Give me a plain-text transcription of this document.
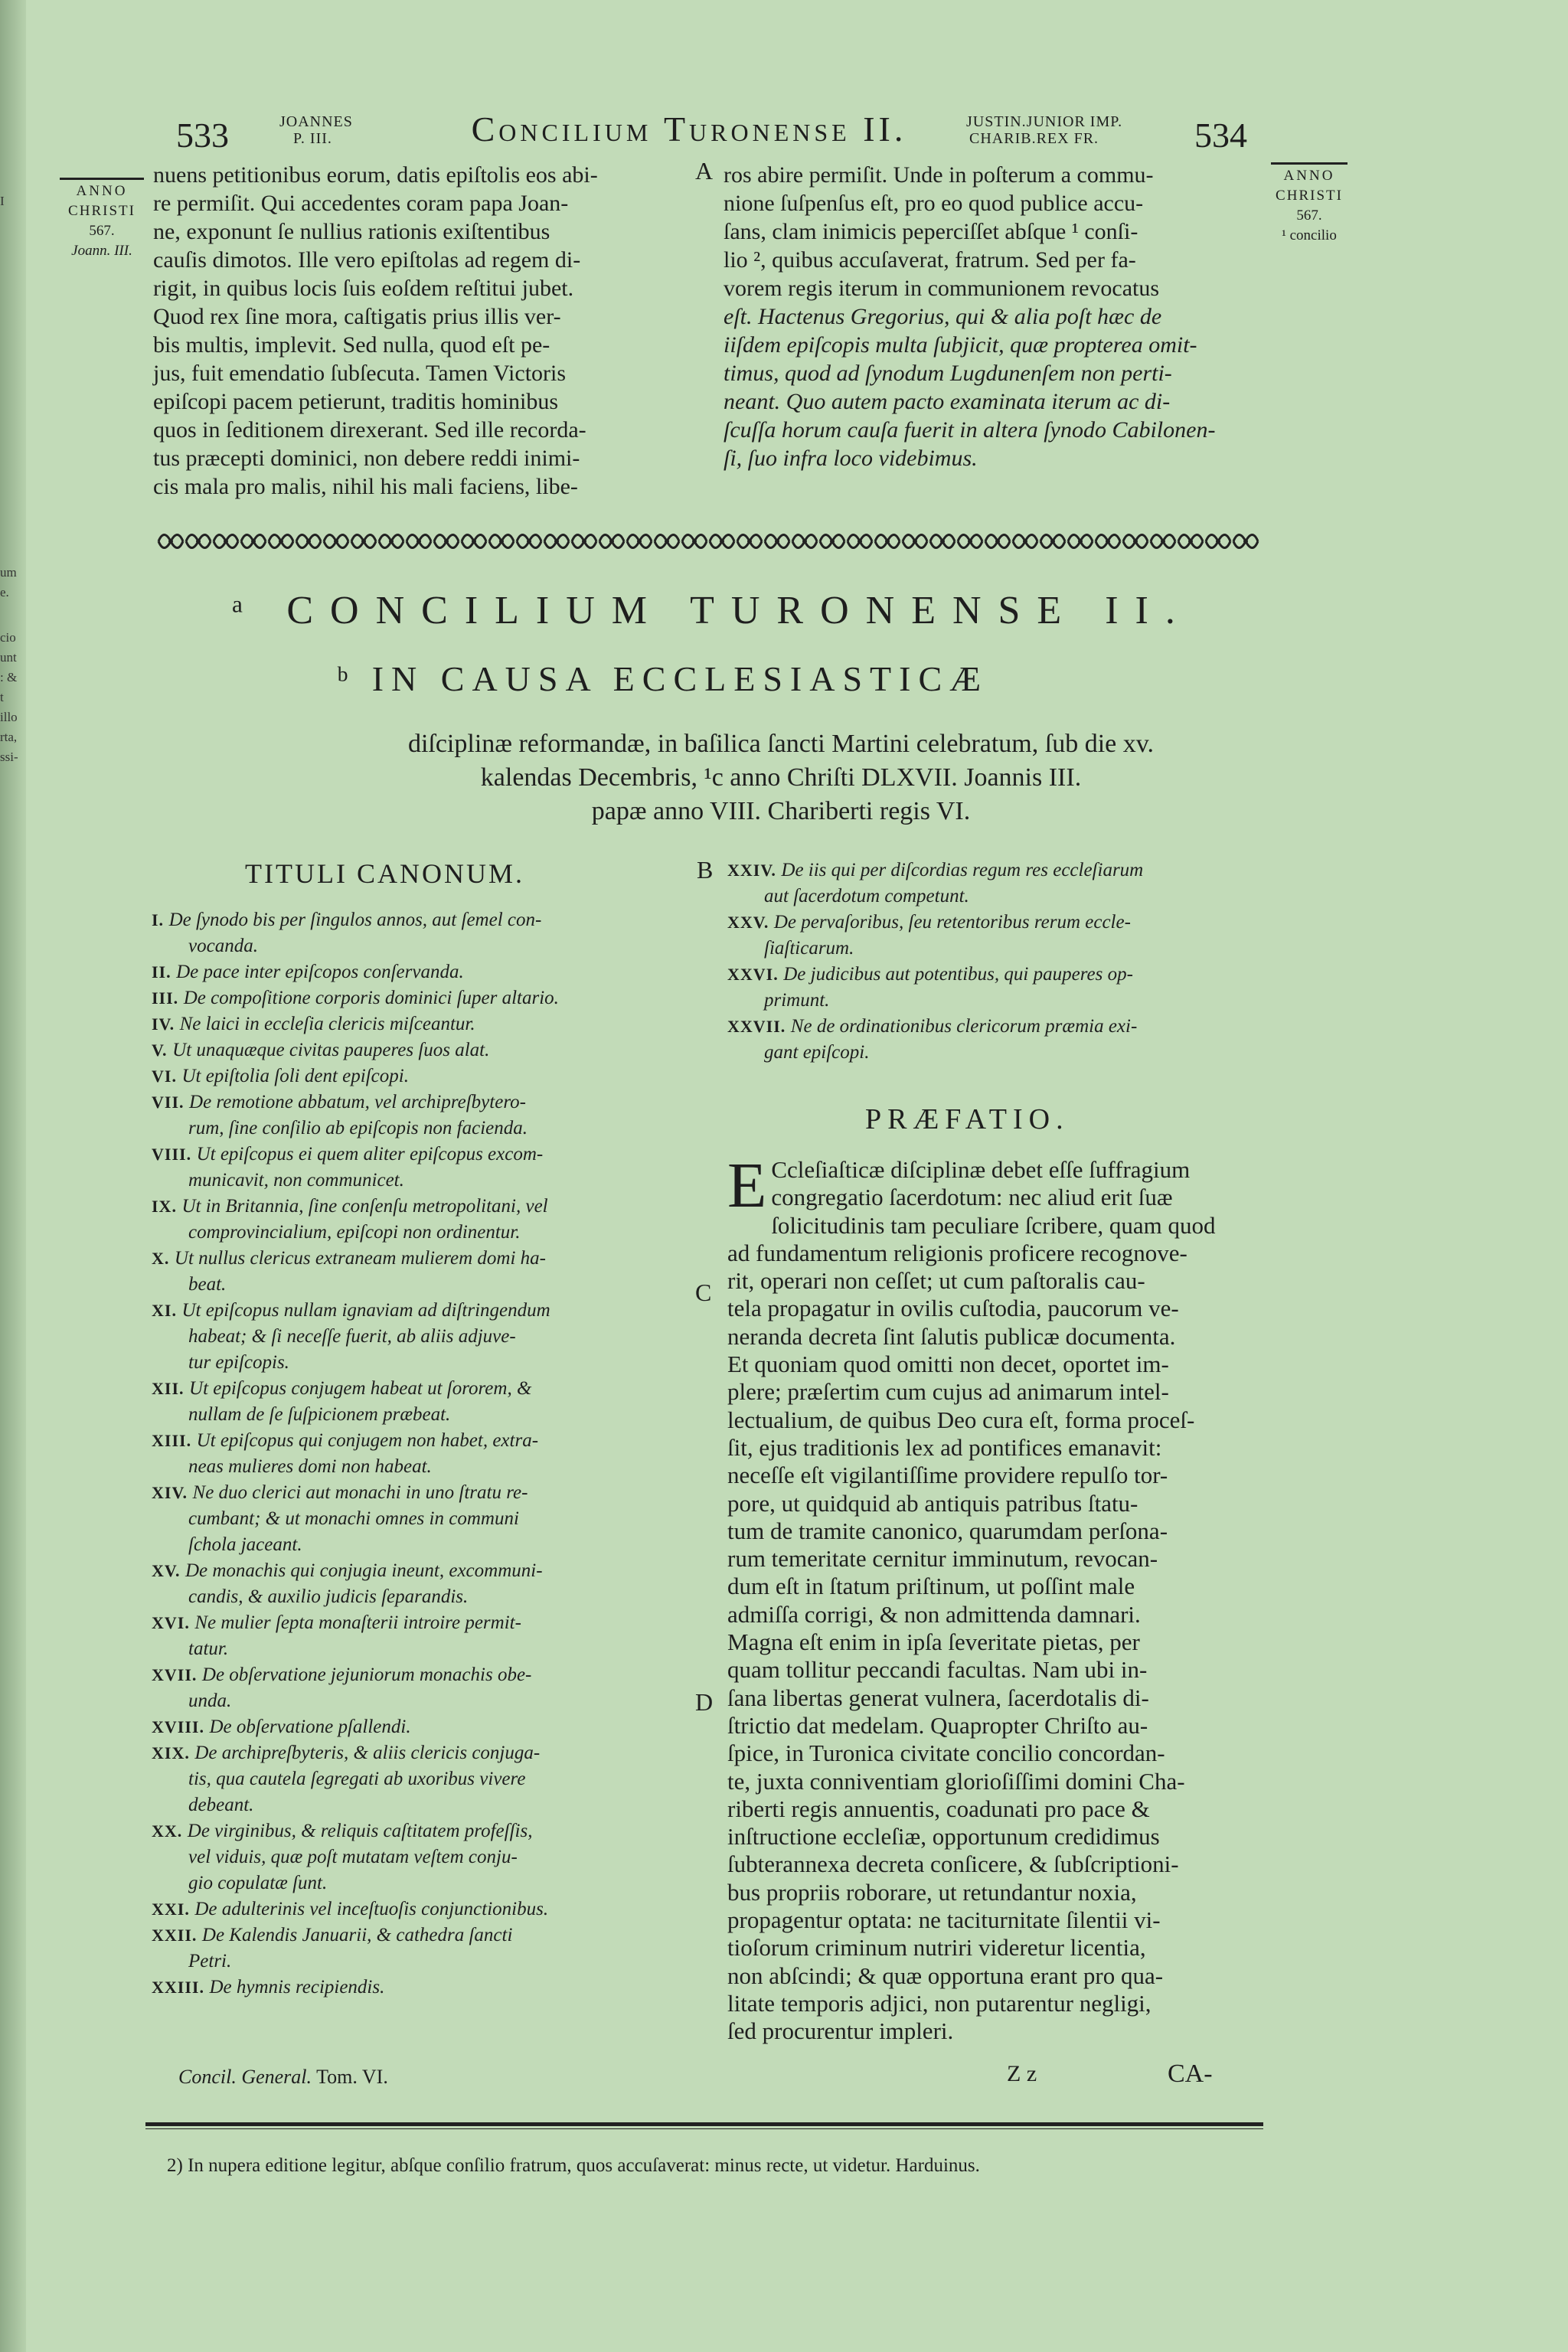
I
um
e.
cio
unt
: &
t
illo
rta,
ssi-
533	JOANNES
P. III.	Concilium Turonense II.	JUSTIN.JUNIOR IMP.
CHARIB.REX FR.	534
ANNO
CHRISTI
567.
Joann. III.
ANNO
CHRISTI
567.
¹ concilio
nuens petitionibus eorum, datis epiſtolis eos abi-
re permiſit. Qui accedentes coram papa Joan-
ne, exponunt ſe nullius rationis exiſtentibus
cauſis dimotos. Ille vero epiſtolas ad regem di-
rigit, in quibus locis ſuis eoſdem reſtitui jubet.
Quod rex ſine mora, caſtigatis prius illis ver-
bis multis, implevit. Sed nulla, quod eſt pe-
jus, fuit emendatio ſubſecuta. Tamen Victoris
epiſcopi pacem petierunt, traditis hominibus
quos in ſeditionem direxerant. Sed ille recorda-
tus præcepti dominici, non debere reddi inimi-
cis mala pro malis, nihil his mali faciens, libe-
A ros abire permiſit. Unde in poſterum a commu-
nione ſuſpenſus eſt, pro eo quod publice accu-
ſans, clam inimicis peperciſſet abſque ¹ conſi-
lio ², quibus accuſaverat, fratrum. Sed per fa-
vorem regis iterum in communionem revocatus
eſt. Hactenus Gregorius, qui & alia poſt hæc de
iiſdem epiſcopis multa ſubjicit, quæ propterea omit-
timus, quod ad ſynodum Lugdunenſem non perti-
neant. Quo autem pacto examinata iterum ac di-
ſcuſſa horum cauſa fuerit in altera ſynodo Cabilonen-
ſi, ſuo infra loco videbimus.
ᵃ CONCILIUM TURONENSE II.
ᵇ IN CAUSA ECCLESIASTICÆ
diſciplinæ reformandæ, in baſilica ſancti Martini celebratum, ſub die xv.
kalendas Decembris, ¹c anno Chriſti DLXVII. Joannis III.
papæ anno VIII. Chariberti regis VI.
TITULI CANONUM.	B
I. De ſynodo bis per ſingulos annos, aut ſemel con-
vocanda.
II. De pace inter epiſcopos conſervanda.
III. De compoſitione corporis dominici ſuper altario.
IV. Ne laici in eccleſia clericis miſceantur.
V. Ut unaquæque civitas pauperes ſuos alat.
VI. Ut epiſtolia ſoli dent epiſcopi.
VII. De remotione abbatum, vel archipreſbytero-
rum, ſine conſilio ab epiſcopis non facienda.
VIII. Ut epiſcopus ei quem aliter epiſcopus excom-
municavit, non communicet.
IX. Ut in Britannia, ſine conſenſu metropolitani, vel
comprovincialium, epiſcopi non ordinentur.
X. Ut nullus clericus extraneam mulierem domi ha-
beat.
XI. Ut epiſcopus nullam ignaviam ad diſtringendum
habeat; & ſi neceſſe fuerit, ab aliis adjuve-
tur epiſcopis.
XII. Ut epiſcopus conjugem habeat ut ſororem, &
nullam de ſe ſuſpicionem præbeat.
XIII. Ut epiſcopus qui conjugem non habet, extra-
neas mulieres domi non habeat.
XIV. Ne duo clerici aut monachi in uno ſtratu re-
cumbant; & ut monachi omnes in communi
ſchola jaceant.
XV. De monachis qui conjugia ineunt, excommuni-
candis, & auxilio judicis ſeparandis.
XVI. Ne mulier ſepta monaſterii introire permit-
tatur.
XVII. De obſervatione jejuniorum monachis obe-
unda.
XVIII. De obſervatione pſallendi.
XIX. De archipreſbyteris, & aliis clericis conjuga-
tis, qua cautela ſegregati ab uxoribus vivere
debeant.
XX. De virginibus, & reliquis caſtitatem profeſſis,
vel viduis, quæ poſt mutatam veſtem conju-
gio copulatæ ſunt.
XXI. De adulterinis vel inceſtuoſis conjunctionibus.
XXII. De Kalendis Januarii, & cathedra ſancti
Petri.
XXIII. De hymnis recipiendis.
C
D
XXIV. De iis qui per diſcordias regum res eccleſiarum
aut ſacerdotum competunt.
XXV. De pervaſoribus, ſeu retentoribus rerum eccle-
ſiaſticarum.
XXVI. De judicibus aut potentibus, qui pauperes op-
primunt.
XXVII. Ne de ordinationibus clericorum præmia exi-
gant epiſcopi.
PRÆFATIO.
E Ccleſiaſticæ diſciplinæ debet eſſe ſuffragium
congregatio ſacerdotum: nec aliud erit ſuæ
ſolicitudinis tam peculiare ſcribere, quam quod
ad fundamentum religionis proficere recognove-
rit, operari non ceſſet; ut cum paſtoralis cau-
tela propagatur in ovilis cuſtodia, paucorum ve-
neranda decreta ſint ſalutis publicæ documenta.
Et quoniam quod omitti non decet, oportet im-
plere; præſertim cum cujus ad animarum intel-
lectualium, de quibus Deo cura eſt, forma proceſ-
ſit, ejus traditionis lex ad pontifices emanavit:
neceſſe eſt vigilantiſſime providere repulſo tor-
pore, ut quidquid ab antiquis patribus ſtatu-
tum de tramite canonico, quarumdam perſona-
rum temeritate cernitur imminutum, revocan-
dum eſt in ſtatum priſtinum, ut poſſint male
admiſſa corrigi, & non admittenda damnari.
Magna eſt enim in ipſa ſeveritate pietas, per
quam tollitur peccandi facultas. Nam ubi in-
ſana libertas generat vulnera, ſacerdotalis di-
ſtrictio dat medelam. Quapropter Chriſto au-
ſpice, in Turonica civitate concilio concordan-
te, juxta conniventiam glorioſiſſimi domini Cha-
riberti regis annuentis, coadunati pro pace &
inſtructione eccleſiæ, opportunum credidimus
ſubterannexa decreta conſicere, & ſubſcriptioni-
bus propriis roborare, ut retundantur noxia,
propagentur optata: ne taciturnitate ſilentii vi-
tioſorum criminum nutriri videretur licentia,
non abſcindi; & quæ opportuna erant pro qua-
litate temporis adjici, non putarentur negligi,
ſed procurentur impleri.
Concil. General. Tom. VI.	Z z	CA-
2) In nupera editione legitur, abſque conſilio fratrum, quos accuſaverat: minus recte, ut videtur. Harduinus.
